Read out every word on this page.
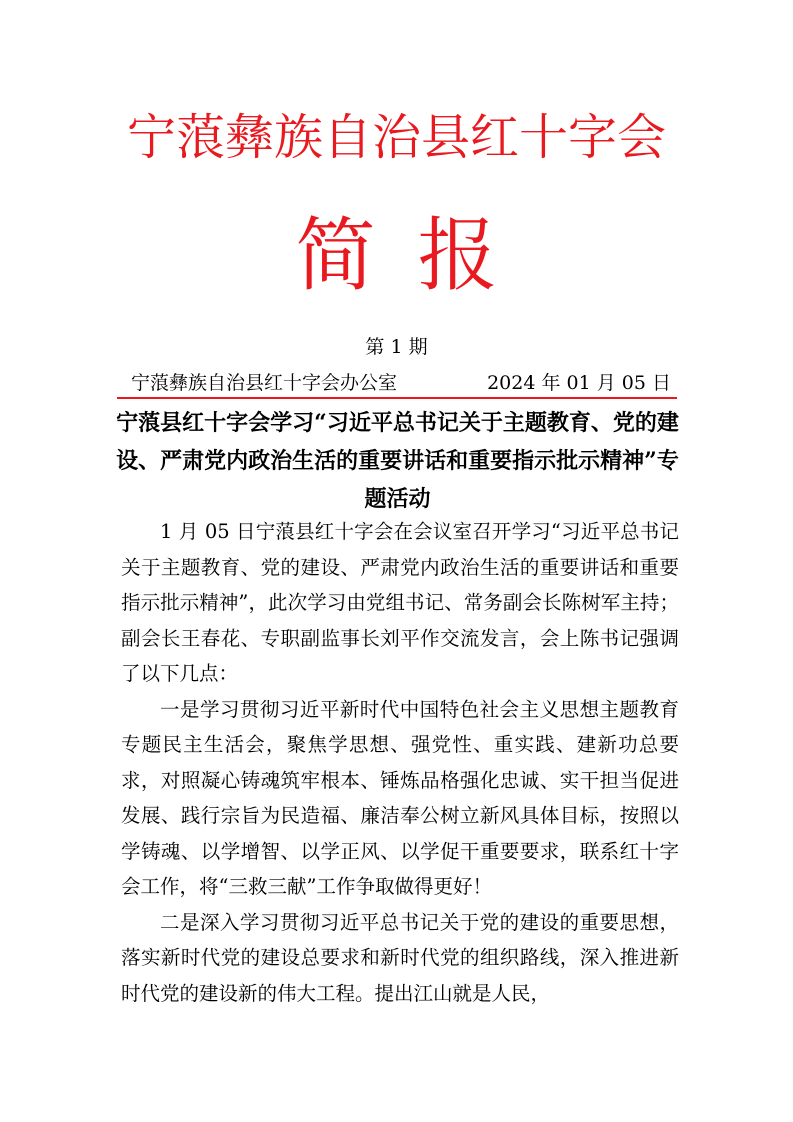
宁蒗彝族自治县红十字会
简 报
第 1 期
宁蒗彝族自治县红十字会办公室	2024 年 01 月 05 日
宁蒗县红十字会学习“习近平总书记关于主题教育、党的建设、严肃党内政治生活的重要讲话和重要指示批示精神”专题活动

1 月 05 日宁蒗县红十字会在会议室召开学习“习近平总书记关于主题教育、党的建设、严肃党内政治生活的重要讲话和重要指示批示精神”，此次学习由党组书记、常务副会长陈树军主持；副会长王春花、专职副监事长刘平作交流发言，会上陈书记强调了以下几点：

一是学习贯彻习近平新时代中国特色社会主义思想主题教育专题民主生活会，聚焦学思想、强党性、重实践、建新功总要求，对照凝心铸魂筑牢根本、锤炼品格强化忠诚、实干担当促进发展、践行宗旨为民造福、廉洁奉公树立新风具体目标，按照以学铸魂、以学增智、以学正风、以学促干重要要求，联系红十字会工作，将“三救三献”工作争取做得更好！

二是深入学习贯彻习近平总书记关于党的建设的重要思想，落实新时代党的建设总要求和新时代党的组织路线，深入推进新时代党的建设新的伟大工程。提出江山就是人民，
